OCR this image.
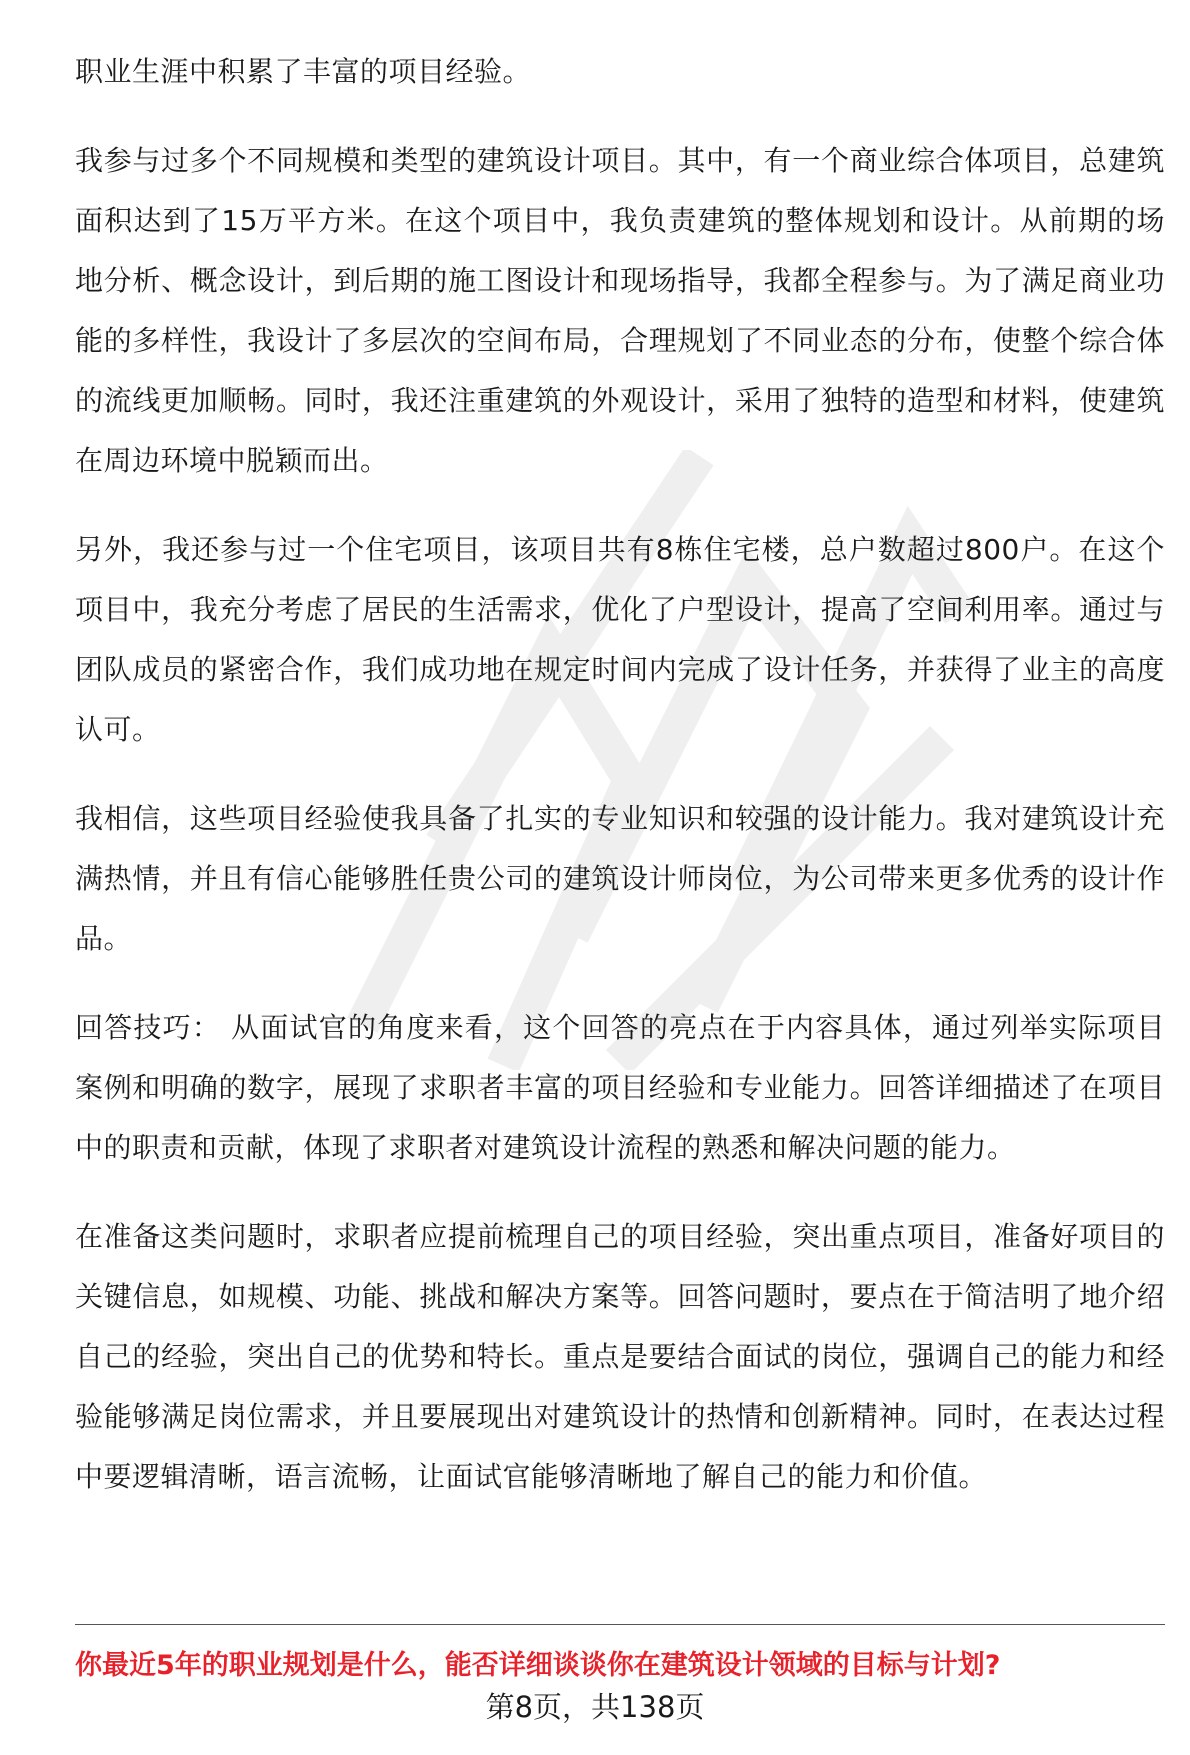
职业生涯中积累了丰富的项目经验。

我参与过多个不同规模和类型的建筑设计项目。其中，有一个商业综合体项目，总建筑面积达到了15万平方米。在这个项目中，我负责建筑的整体规划和设计。从前期的场地分析、概念设计，到后期的施工图设计和现场指导，我都全程参与。为了满足商业功能的多样性，我设计了多层次的空间布局，合理规划了不同业态的分布，使整个综合体的流线更加顺畅。同时，我还注重建筑的外观设计，采用了独特的造型和材料，使建筑在周边环境中脱颖而出。

另外，我还参与过一个住宅项目，该项目共有8栋住宅楼，总户数超过800户。在这个项目中，我充分考虑了居民的生活需求，优化了户型设计，提高了空间利用率。通过与团队成员的紧密合作，我们成功地在规定时间内完成了设计任务，并获得了业主的高度认可。

我相信，这些项目经验使我具备了扎实的专业知识和较强的设计能力。我对建筑设计充满热情，并且有信心能够胜任贵公司的建筑设计师岗位，为公司带来更多优秀的设计作品。

回答技巧： 从面试官的角度来看，这个回答的亮点在于内容具体，通过列举实际项目案例和明确的数字，展现了求职者丰富的项目经验和专业能力。回答详细描述了在项目中的职责和贡献，体现了求职者对建筑设计流程的熟悉和解决问题的能力。

在准备这类问题时，求职者应提前梳理自己的项目经验，突出重点项目，准备好项目的关键信息，如规模、功能、挑战和解决方案等。回答问题时，要点在于简洁明了地介绍自己的经验，突出自己的优势和特长。重点是要结合面试的岗位，强调自己的能力和经验能够满足岗位需求，并且要展现出对建筑设计的热情和创新精神。同时，在表达过程中要逻辑清晰，语言流畅，让面试官能够清晰地了解自己的能力和价值。

你最近5年的职业规划是什么，能否详细谈谈你在建筑设计领域的目标与计划?
第8页，共138页
